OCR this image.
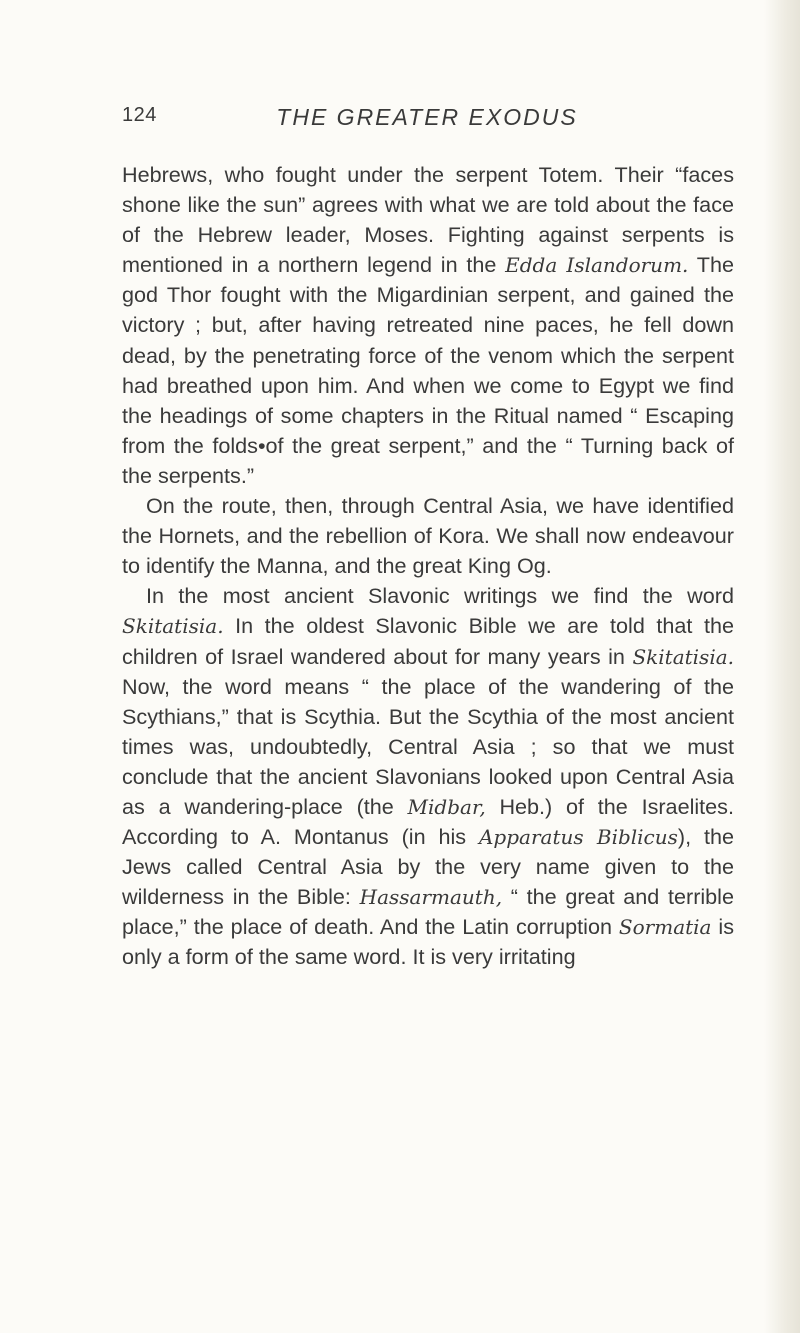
124	THE GREATER EXODUS

Hebrews, who fought under the serpent Totem. Their “faces shone like the sun” agrees with what we are told about the face of the Hebrew leader, Moses. Fighting against serpents is mentioned in a northern legend in the Edda Islandorum. The god Thor fought with the Migardinian serpent, and gained the victory ; but, after having retreated nine paces, he fell down dead, by the penetrating force of the venom which the serpent had breathed upon him. And when we come to Egypt we find the headings of some chapters in the Ritual named “ Escaping from the folds•of the great serpent,” and the “ Turning back of the serpents.”

On the route, then, through Central Asia, we have identified the Hornets, and the rebellion of Kora. We shall now endeavour to identify the Manna, and the great King Og.

In the most ancient Slavonic writings we find the word Skitatisia. In the oldest Slavonic Bible we are told that the children of Israel wandered about for many years in Skitatisia. Now, the word means “ the place of the wandering of the Scythians,” that is Scythia. But the Scythia of the most ancient times was, undoubtedly, Central Asia ; so that we must conclude that the ancient Slavonians looked upon Central Asia as a wandering-place (the Midbar, Heb.) of the Israelites. According to A. Montanus (in his Apparatus Biblicus), the Jews called Central Asia by the very name given to the wilderness in the Bible: Hassarmauth, “ the great and terrible place,” the place of death. And the Latin corruption Sormatia is only a form of the same word. It is very irritating
